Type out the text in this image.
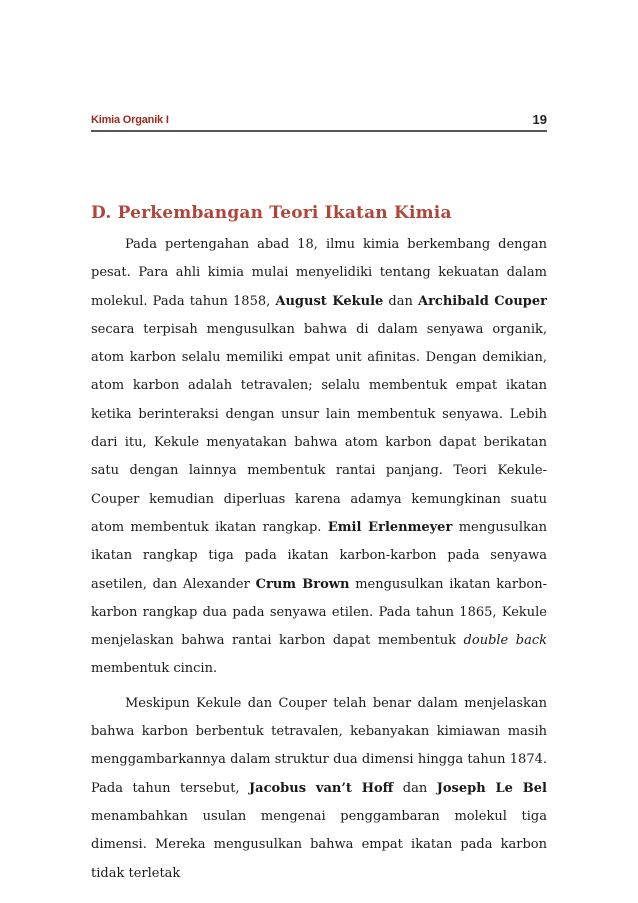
Kimia Organik I	19
D. Perkembangan Teori Ikatan Kimia

Pada pertengahan abad 18, ilmu kimia berkembang dengan pesat. Para ahli kimia mulai menyelidiki tentang kekuatan dalam molekul. Pada tahun 1858, August Kekule dan Archibald Couper secara terpisah mengusulkan bahwa di dalam senyawa organik, atom karbon selalu memiliki empat unit afinitas. Dengan demikian, atom karbon adalah tetravalen; selalu membentuk empat ikatan ketika berinteraksi dengan unsur lain membentuk senyawa. Lebih dari itu, Kekule menyatakan bahwa atom karbon dapat berikatan satu dengan lainnya membentuk rantai panjang. Teori Kekule-Couper kemudian diperluas karena adamya kemungkinan suatu atom membentuk ikatan rangkap. Emil Erlenmeyer mengusulkan ikatan rangkap tiga pada ikatan karbon-karbon pada senyawa asetilen, dan Alexander Crum Brown mengusulkan ikatan karbon-karbon rangkap dua pada senyawa etilen. Pada tahun 1865, Kekule menjelaskan bahwa rantai karbon dapat membentuk double back membentuk cincin.

Meskipun Kekule dan Couper telah benar dalam menjelaskan bahwa karbon berbentuk tetravalen, kebanyakan kimiawan masih menggambarkannya dalam struktur dua dimensi hingga tahun 1874. Pada tahun tersebut, Jacobus van’t Hoff dan Joseph Le Bel menambahkan usulan mengenai penggambaran molekul tiga dimensi. Mereka mengusulkan bahwa empat ikatan pada karbon tidak terletak
